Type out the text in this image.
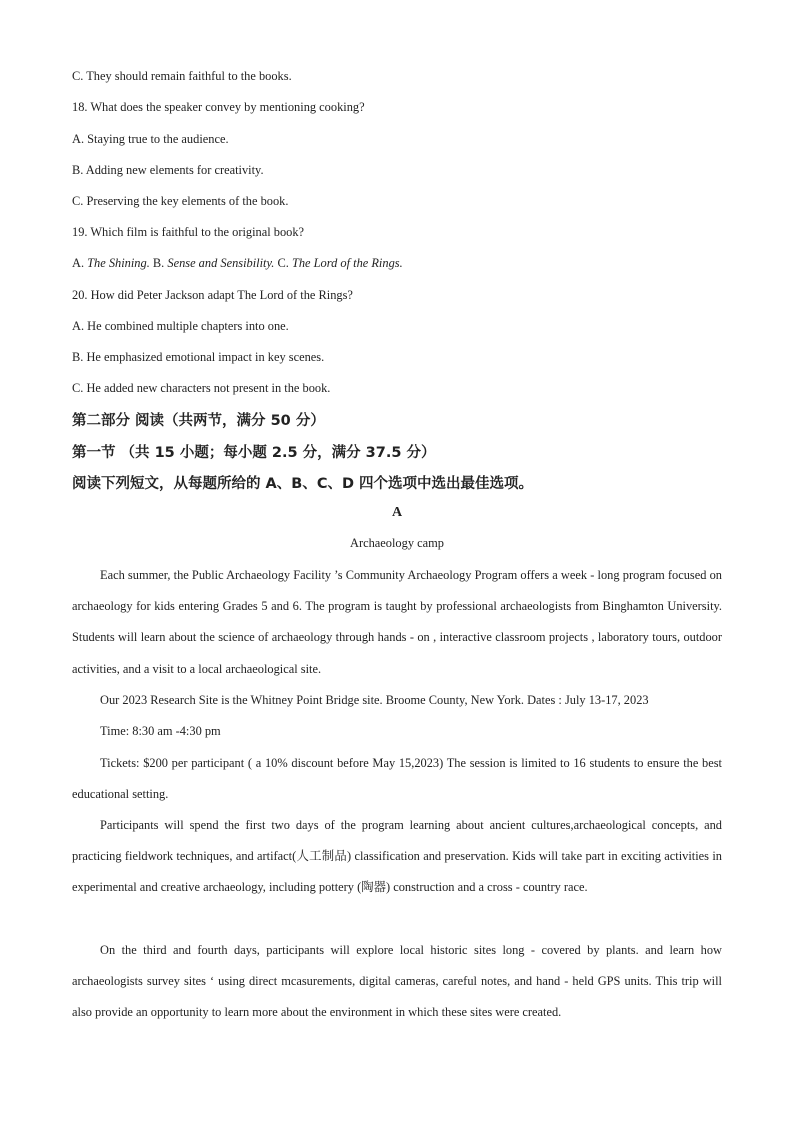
C. They should remain faithful to the books.
18. What does the speaker convey by mentioning cooking?
A. Staying true to the audience.
B. Adding new elements for creativity.
C. Preserving the key elements of the book.
19. Which film is faithful to the original book?
A. The Shining. B. Sense and Sensibility. C. The Lord of the Rings.
20. How did Peter Jackson adapt The Lord of the Rings?
A. He combined multiple chapters into one.
B. He emphasized emotional impact in key scenes.
C. He added new characters not present in the book.
第二部分 阅读（共两节，满分 50 分）
第一节 （共 15 小题；每小题 2.5 分，满分 37.5 分）
阅读下列短文，从每题所给的 A、B、C、D 四个选项中选出最佳选项。
A
Archaeology camp
Each summer, the Public Archaeology Facility ’s Community Archaeology Program offers a week - long program focused on archaeology for kids entering Grades 5 and 6. The program is taught by professional archaeologists from Binghamton University. Students will learn about the science of archaeology through hands - on , interactive classroom projects , laboratory tours, outdoor activities, and a visit to a local archaeological site.
Our 2023 Research Site is the Whitney Point Bridge site. Broome County, New York. Dates : July 13-17, 2023
Time: 8:30 am -4:30 pm
Tickets: $200 per participant ( a 10% discount before May 15,2023) The session is limited to 16 students to ensure the best educational setting.
Participants will spend the first two days of the program learning about ancient cultures,archaeological concepts, and practicing fieldwork techniques, and artifact(人工制品) classification and preservation. Kids will take part in exciting activities in experimental and creative archaeology, including pottery (陶器) construction and a cross - country race.
On the third and fourth days, participants will explore local historic sites long - covered by plants. and learn how archaeologists survey sites ‘ using direct mcasurements, digital cameras, careful notes, and hand - held GPS units. This trip will also provide an opportunity to learn more about the environment in which these sites were created.
